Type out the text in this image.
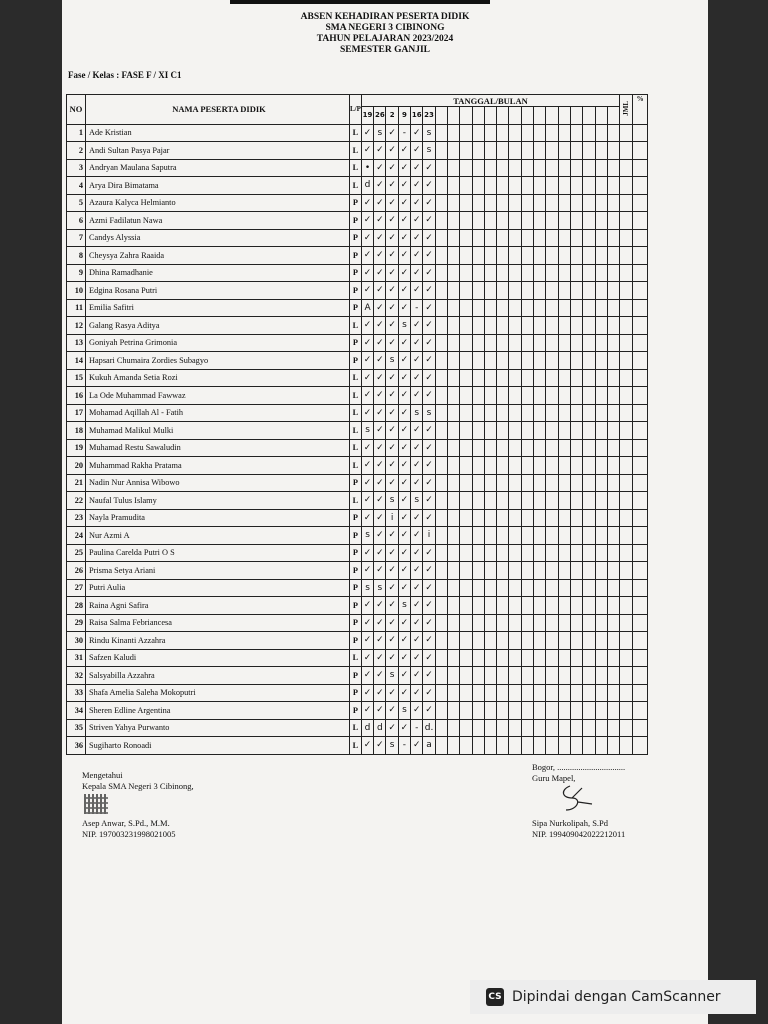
ABSEN KEHADIRAN PESERTA DIDIK
SMA NEGERI 3 CIBINONG
TAHUN PELAJARAN 2023/2024
SEMESTER GANJIL
Fase / Kelas : FASE F / XI C1
NO	NAMA PESERTA DIDIK	L/P	TANGGAL/BULAN																					JML	%
			19	26	2	9	16	23																	
1	Ade Kristian	L	✓	s	✓	-	✓	s																	
2	Andi Sultan Pasya Pajar	L	✓	✓	✓	✓	✓	s																	
3	Andryan Maulana Saputra	L	•	✓	✓	✓	✓	✓																	
4	Arya Dira Bimatama	L	d	✓	✓	✓	✓	✓																	
5	Azaura Kalyca Helmianto	P	✓	✓	✓	✓	✓	✓																	
6	Azmi Fadilatun Nawa	P	✓	✓	✓	✓	✓	✓																	
7	Candys Alyssia	P	✓	✓	✓	✓	✓	✓																	
8	Cheysya Zahra Raaida	P	✓	✓	✓	✓	✓	✓																	
9	Dhina Ramadhanie	P	✓	✓	✓	✓	✓	✓																	
10	Edgina Rosana Putri	P	✓	✓	✓	✓	✓	✓																	
11	Emilia Safitri	P	A	✓	✓	✓	-	✓																	
12	Galang Rasya Aditya	L	✓	✓	✓	s	✓	✓																	
13	Goniyah Petrina Grimonia	P	✓	✓	✓	✓	✓	✓																	
14	Hapsari Chumaira Zordies Subagyo	P	✓	✓	s	✓	✓	✓																	
15	Kukuh Amanda Setia Rozi	L	✓	✓	✓	✓	✓	✓																	
16	La Ode Muhammad Fawwaz	L	✓	✓	✓	✓	✓	✓																	
17	Mohamad Aqillah Al - Fatih	L	✓	✓	✓	✓	s	s																	
18	Muhamad Malikul Mulki	L	s	✓	✓	✓	✓	✓																	
19	Muhamad Restu Sawaludin	L	✓	✓	✓	✓	✓	✓																	
20	Muhammad Rakha Pratama	L	✓	✓	✓	✓	✓	✓																	
21	Nadin Nur Annisa Wibowo	P	✓	✓	✓	✓	✓	✓																	
22	Naufal Tulus Islamy	L	✓	✓	s	✓	s	✓																	
23	Nayla Pramudita	P	✓	✓	i	✓	✓	✓																	
24	Nur Azmi A	P	s	✓	✓	✓	✓	i																	
25	Paulina Carelda Putri O S	P	✓	✓	✓	✓	✓	✓																	
26	Prisma Setya Ariani	P	✓	✓	✓	✓	✓	✓																	
27	Putri Aulia	P	s	s	✓	✓	✓	✓																	
28	Raina Agni Safira	P	✓	✓	✓	s	✓	✓																	
29	Raisa Salma Febriancesa	P	✓	✓	✓	✓	✓	✓																	
30	Rindu Kinanti Azzahra	P	✓	✓	✓	✓	✓	✓																	
31	Safzen Kaludi	L	✓	✓	✓	✓	✓	✓																	
32	Salsyabilla Azzahra	P	✓	✓	s	✓	✓	✓																	
33	Shafa Amelia Saleha Mokoputri	P	✓	✓	✓	✓	✓	✓																	
34	Sheren Edline Argentina	P	✓	✓	✓	s	✓	✓																	
35	Striven Yahya Purwanto	L	d	d	✓	✓	-	d.																	
36	Sugiharto Ronoadi	L	✓	✓	s	-	✓	a																	
Mengetahui
Kepala SMA Negeri 3 Cibinong,
Asep Anwar, S.Pd., M.M.
NIP. 197003231998021005
Bogor, ................................
Guru Mapel,
Sipa Nurkolipah, S.Pd
NIP. 199409042022212011
CS Dipindai dengan CamScanner
